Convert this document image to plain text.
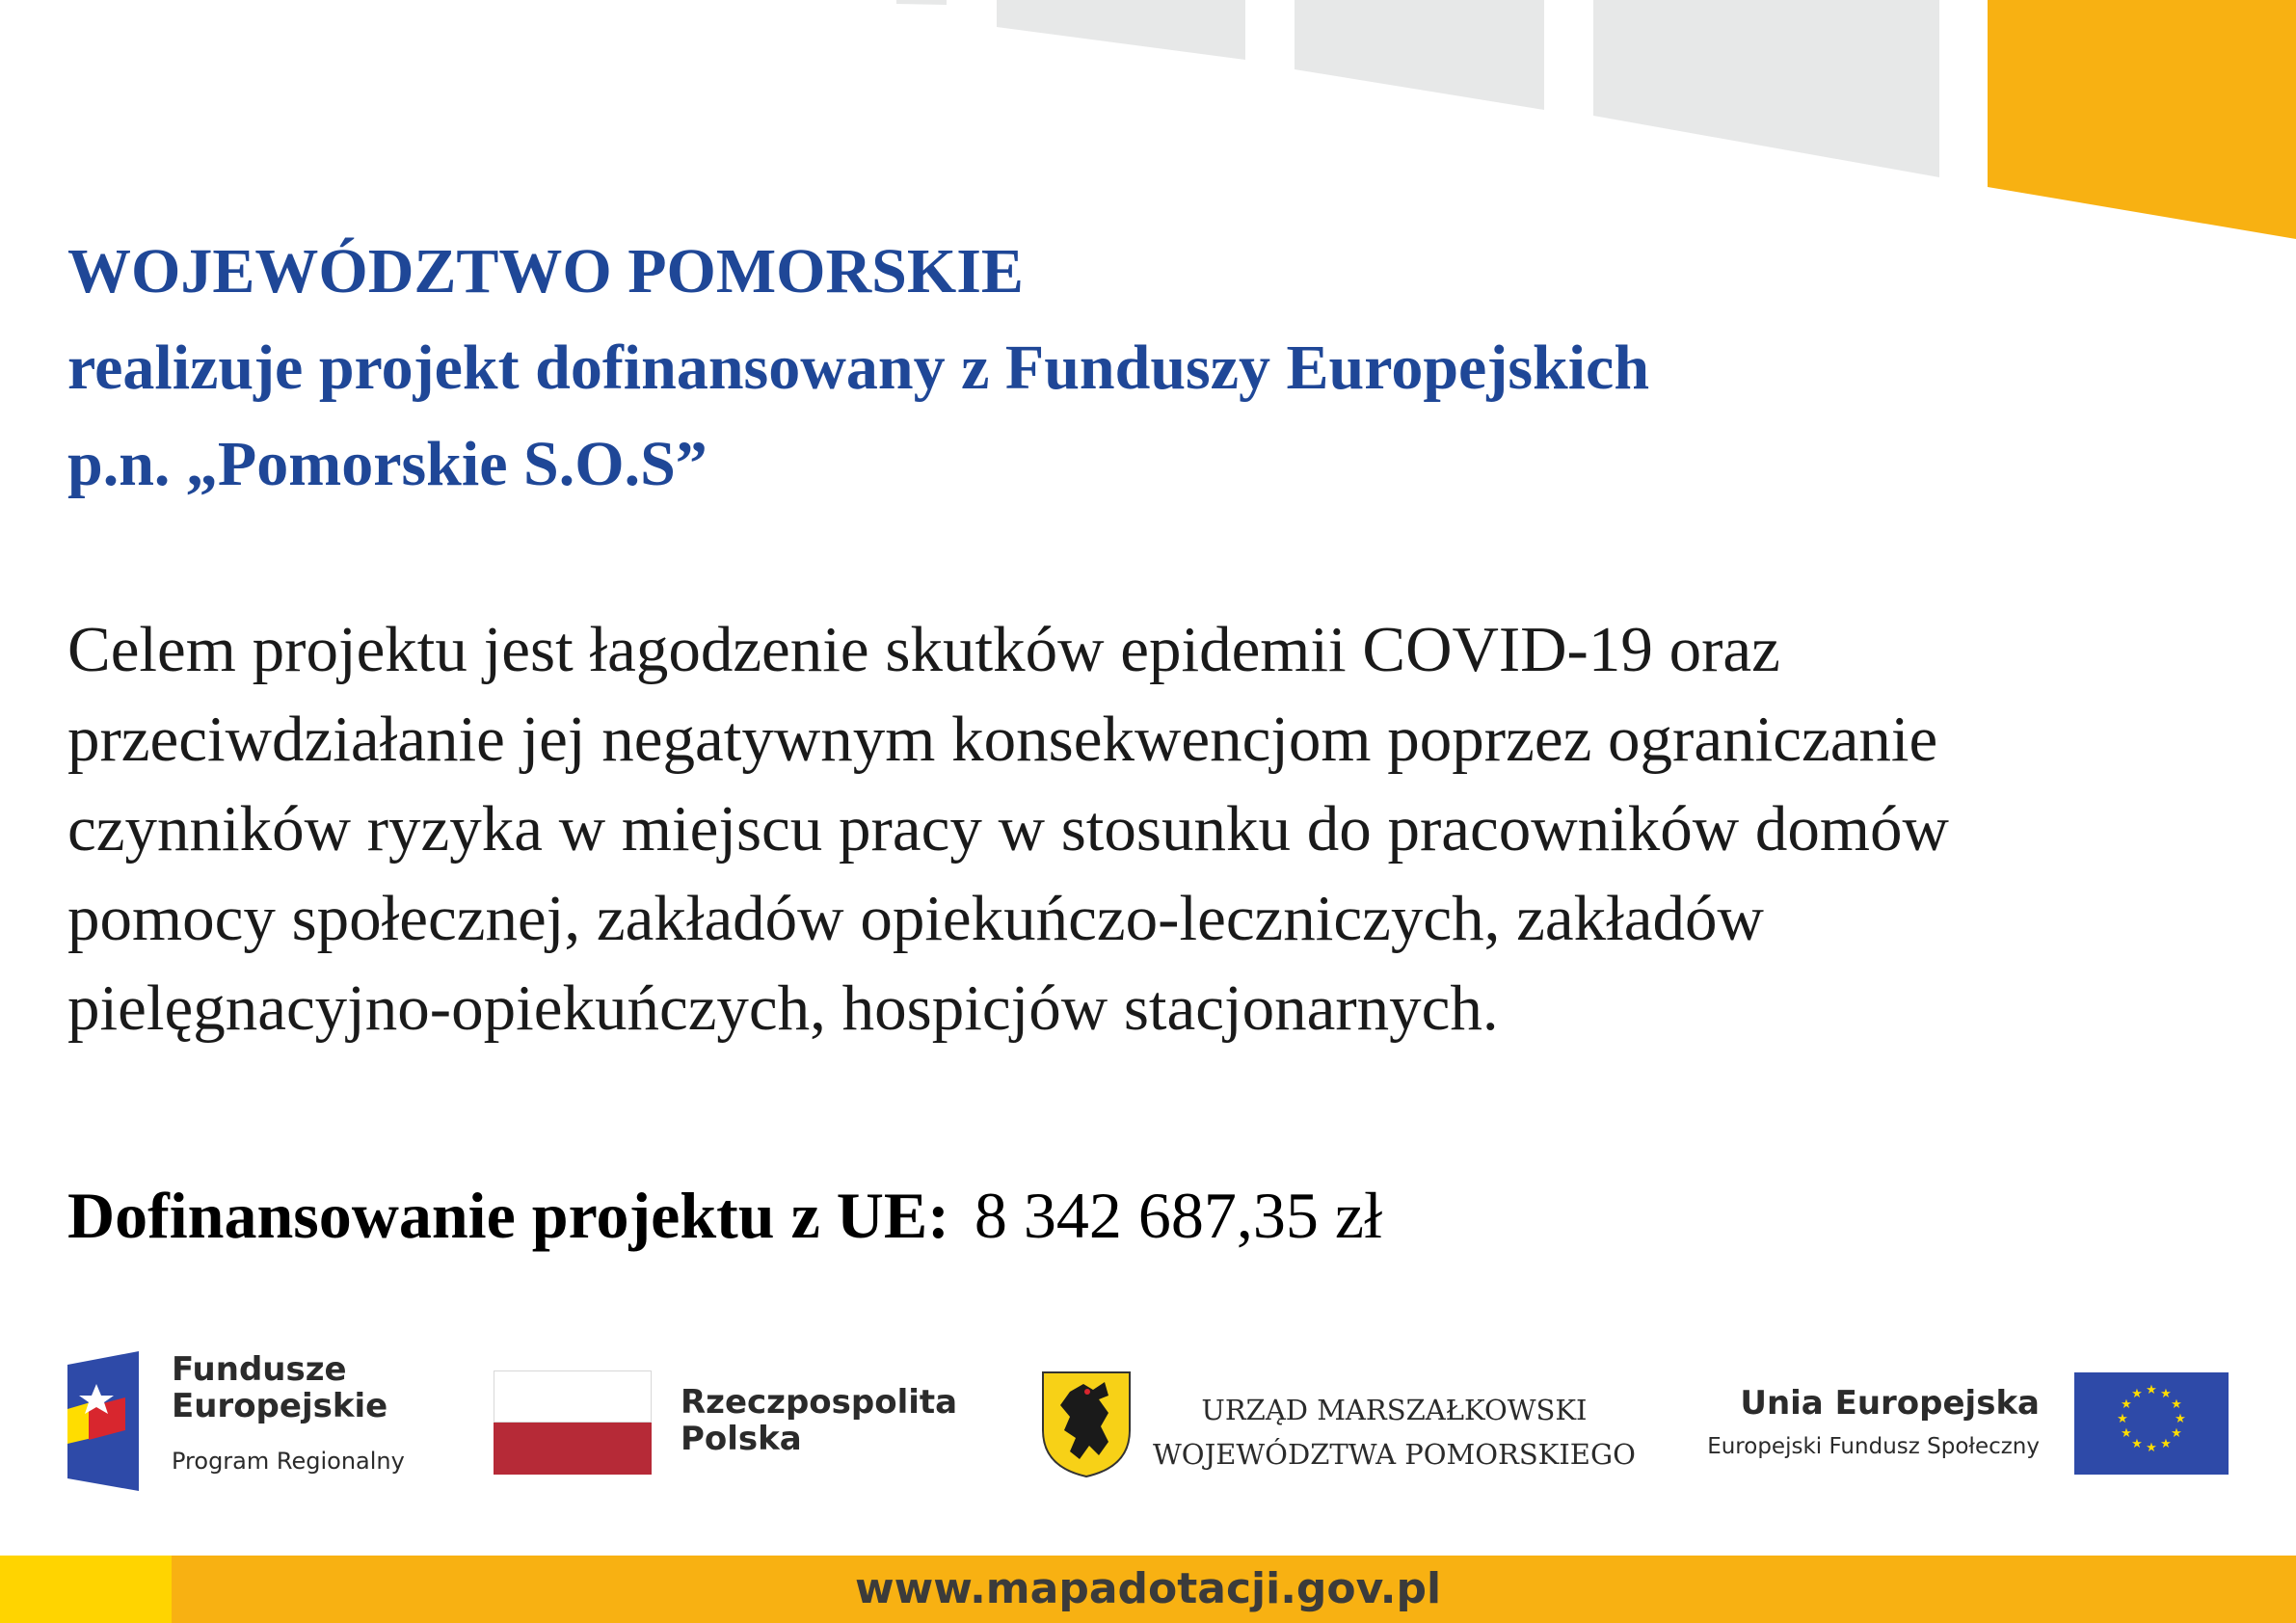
WOJEWÓDZTWO POMORSKIE
realizuje projekt dofinansowany z Funduszy Europejskich
p.n. „Pomorskie S.O.S”
Celem projektu jest łagodzenie skutków epidemii COVID-19 oraz
przeciwdziałanie jej negatywnym konsekwencjom poprzez ograniczanie
czynników ryzyka w miejscu pracy w stosunku do pracowników domów
pomocy społecznej, zakładów opiekuńczo-leczniczych, zakładów
pielęgnacyjno-opiekuńczych, hospicjów stacjonarnych.
Dofinansowanie projektu z UE: 8 342 687,35 zł
Fundusze
Europejskie
Program Regionalny
Rzeczpospolita
Polska
URZĄD MARSZAŁKOWSKI
WOJEWÓDZTWA POMORSKIEGO
Unia Europejska
Europejski Fundusz Społeczny
★ ★
★
★
★
★
★
★
★
★
★
★
www.mapadotacji.gov.pl
